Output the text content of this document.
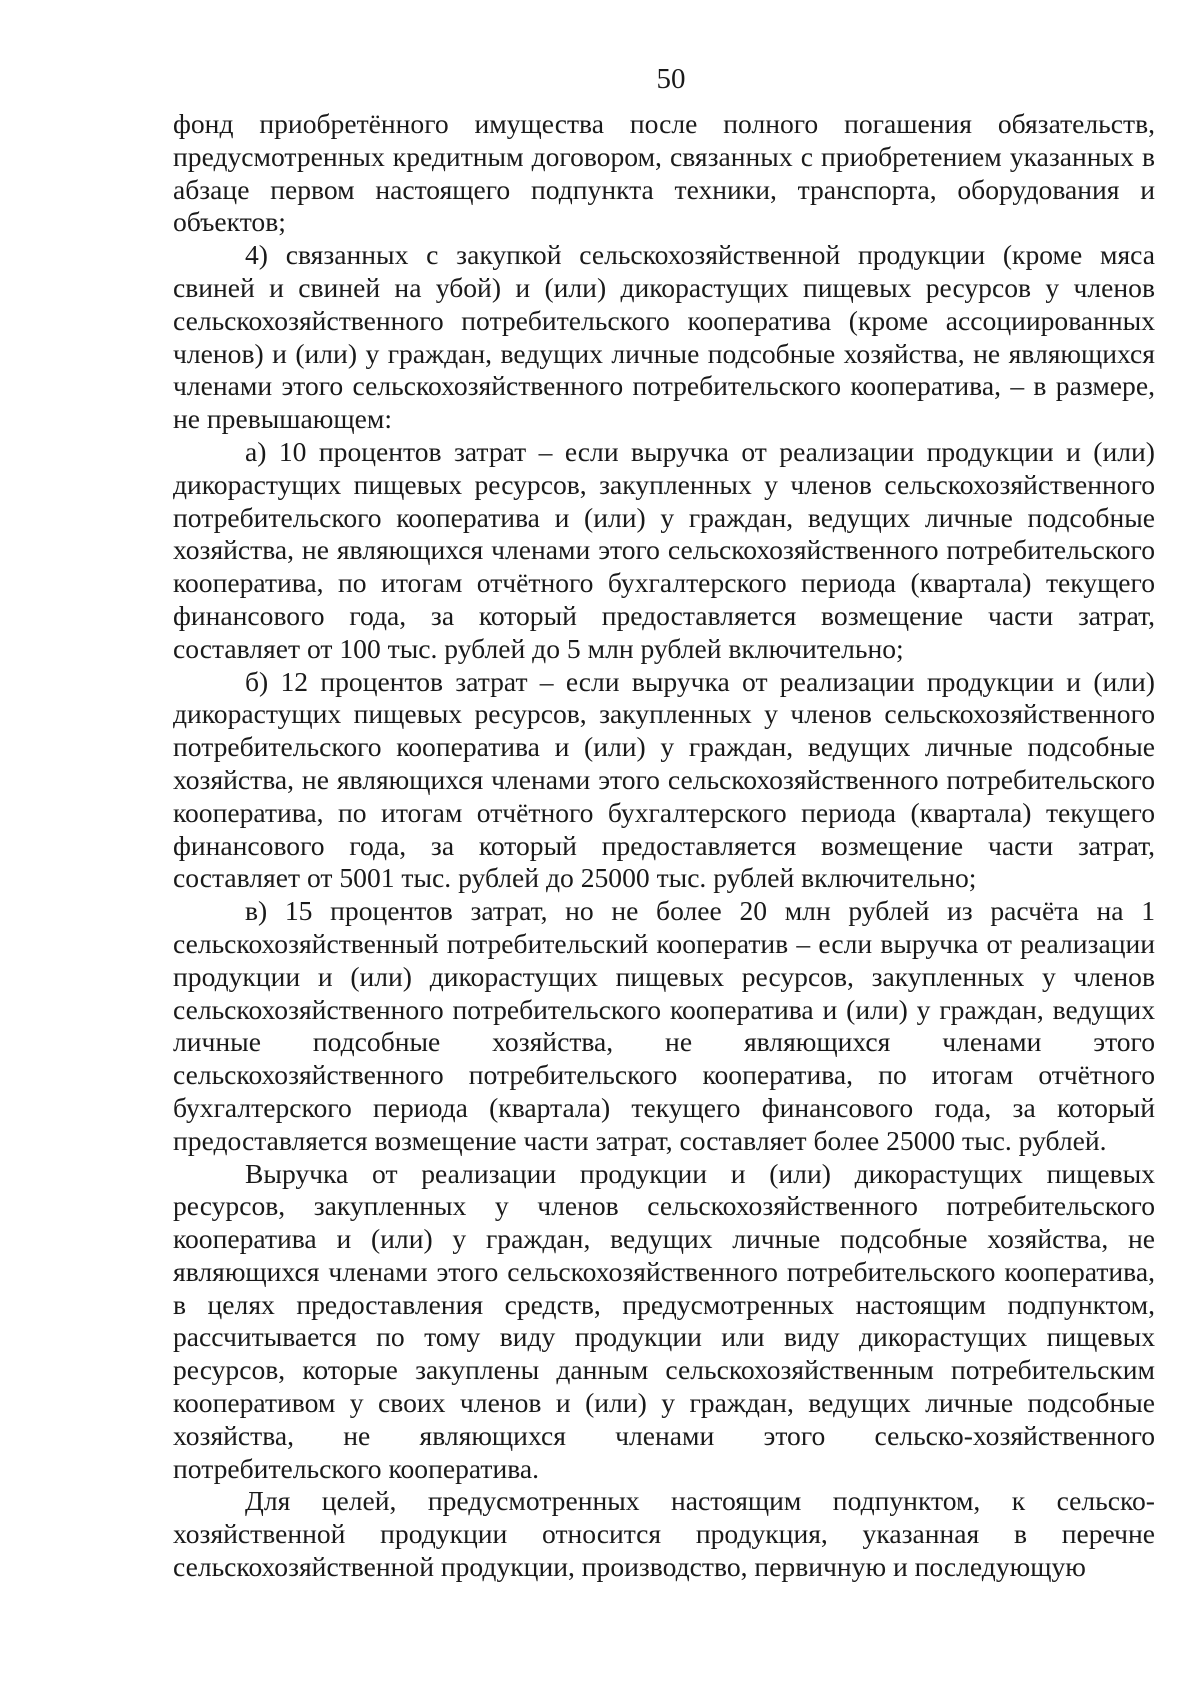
50

фонд приобретённого имущества после полного погашения обязательств, предусмотренных кредитным договором, связанных с приобретением указанных в абзаце первом настоящего подпункта техники, транспорта, оборудования и объектов;

4) связанных с закупкой сельскохозяйственной продукции (кроме мяса свиней и свиней на убой) и (или) дикорастущих пищевых ресурсов у членов сельскохозяйственного потребительского кооператива (кроме ассоциированных членов) и (или) у граждан, ведущих личные подсобные хозяйства, не являющихся членами этого сельскохозяйственного потребительского кооператива, – в размере, не превышающем:

а) 10 процентов затрат – если выручка от реализации продукции и (или) дикорастущих пищевых ресурсов, закупленных у членов сельскохозяйственного потребительского кооператива и (или) у граждан, ведущих личные подсобные хозяйства, не являющихся членами этого сельскохозяйственного потребительского кооператива, по итогам отчётного бухгалтерского периода (квартала) текущего финансового года, за который предоставляется возмещение части затрат, составляет от 100 тыс. рублей до 5 млн рублей включительно;

б) 12 процентов затрат – если выручка от реализации продукции и (или) дикорастущих пищевых ресурсов, закупленных у членов сельскохозяйственного потребительского кооператива и (или) у граждан, ведущих личные подсобные хозяйства, не являющихся членами этого сельскохозяйственного потребительского кооператива, по итогам отчётного бухгалтерского периода (квартала) текущего финансового года, за который предоставляется возмещение части затрат, составляет от 5001 тыс. рублей до 25000 тыс. рублей включительно;

в) 15 процентов затрат, но не более 20 млн рублей из расчёта на 1 сельскохозяйственный потребительский кооператив – если выручка от реализации продукции и (или) дикорастущих пищевых ресурсов, закупленных у членов сельскохозяйственного потребительского кооператива и (или) у граждан, ведущих личные подсобные хозяйства, не являющихся членами этого сельскохозяйственного потребительского кооператива, по итогам отчётного бухгалтерского периода (квартала) текущего финансового года, за который предоставляется возмещение части затрат, составляет более 25000 тыс. рублей.

Выручка от реализации продукции и (или) дикорастущих пищевых ресурсов, закупленных у членов сельскохозяйственного потребительского кооператива и (или) у граждан, ведущих личные подсобные хозяйства, не являющихся членами этого сельскохозяйственного потребительского кооператива, в целях предоставления средств, предусмотренных настоящим подпунктом, рассчитывается по тому виду продукции или виду дикорастущих пищевых ресурсов, которые закуплены данным сельскохозяйственным потребительским кооперативом у своих членов и (или) у граждан, ведущих личные подсобные хозяйства, не являющихся членами этого сельско-хозяйственного потребительского кооператива.

Для целей, предусмотренных настоящим подпунктом, к сельско-хозяйственной продукции относится продукция, указанная в перечне сельскохозяйственной продукции, производство, первичную и последующую
